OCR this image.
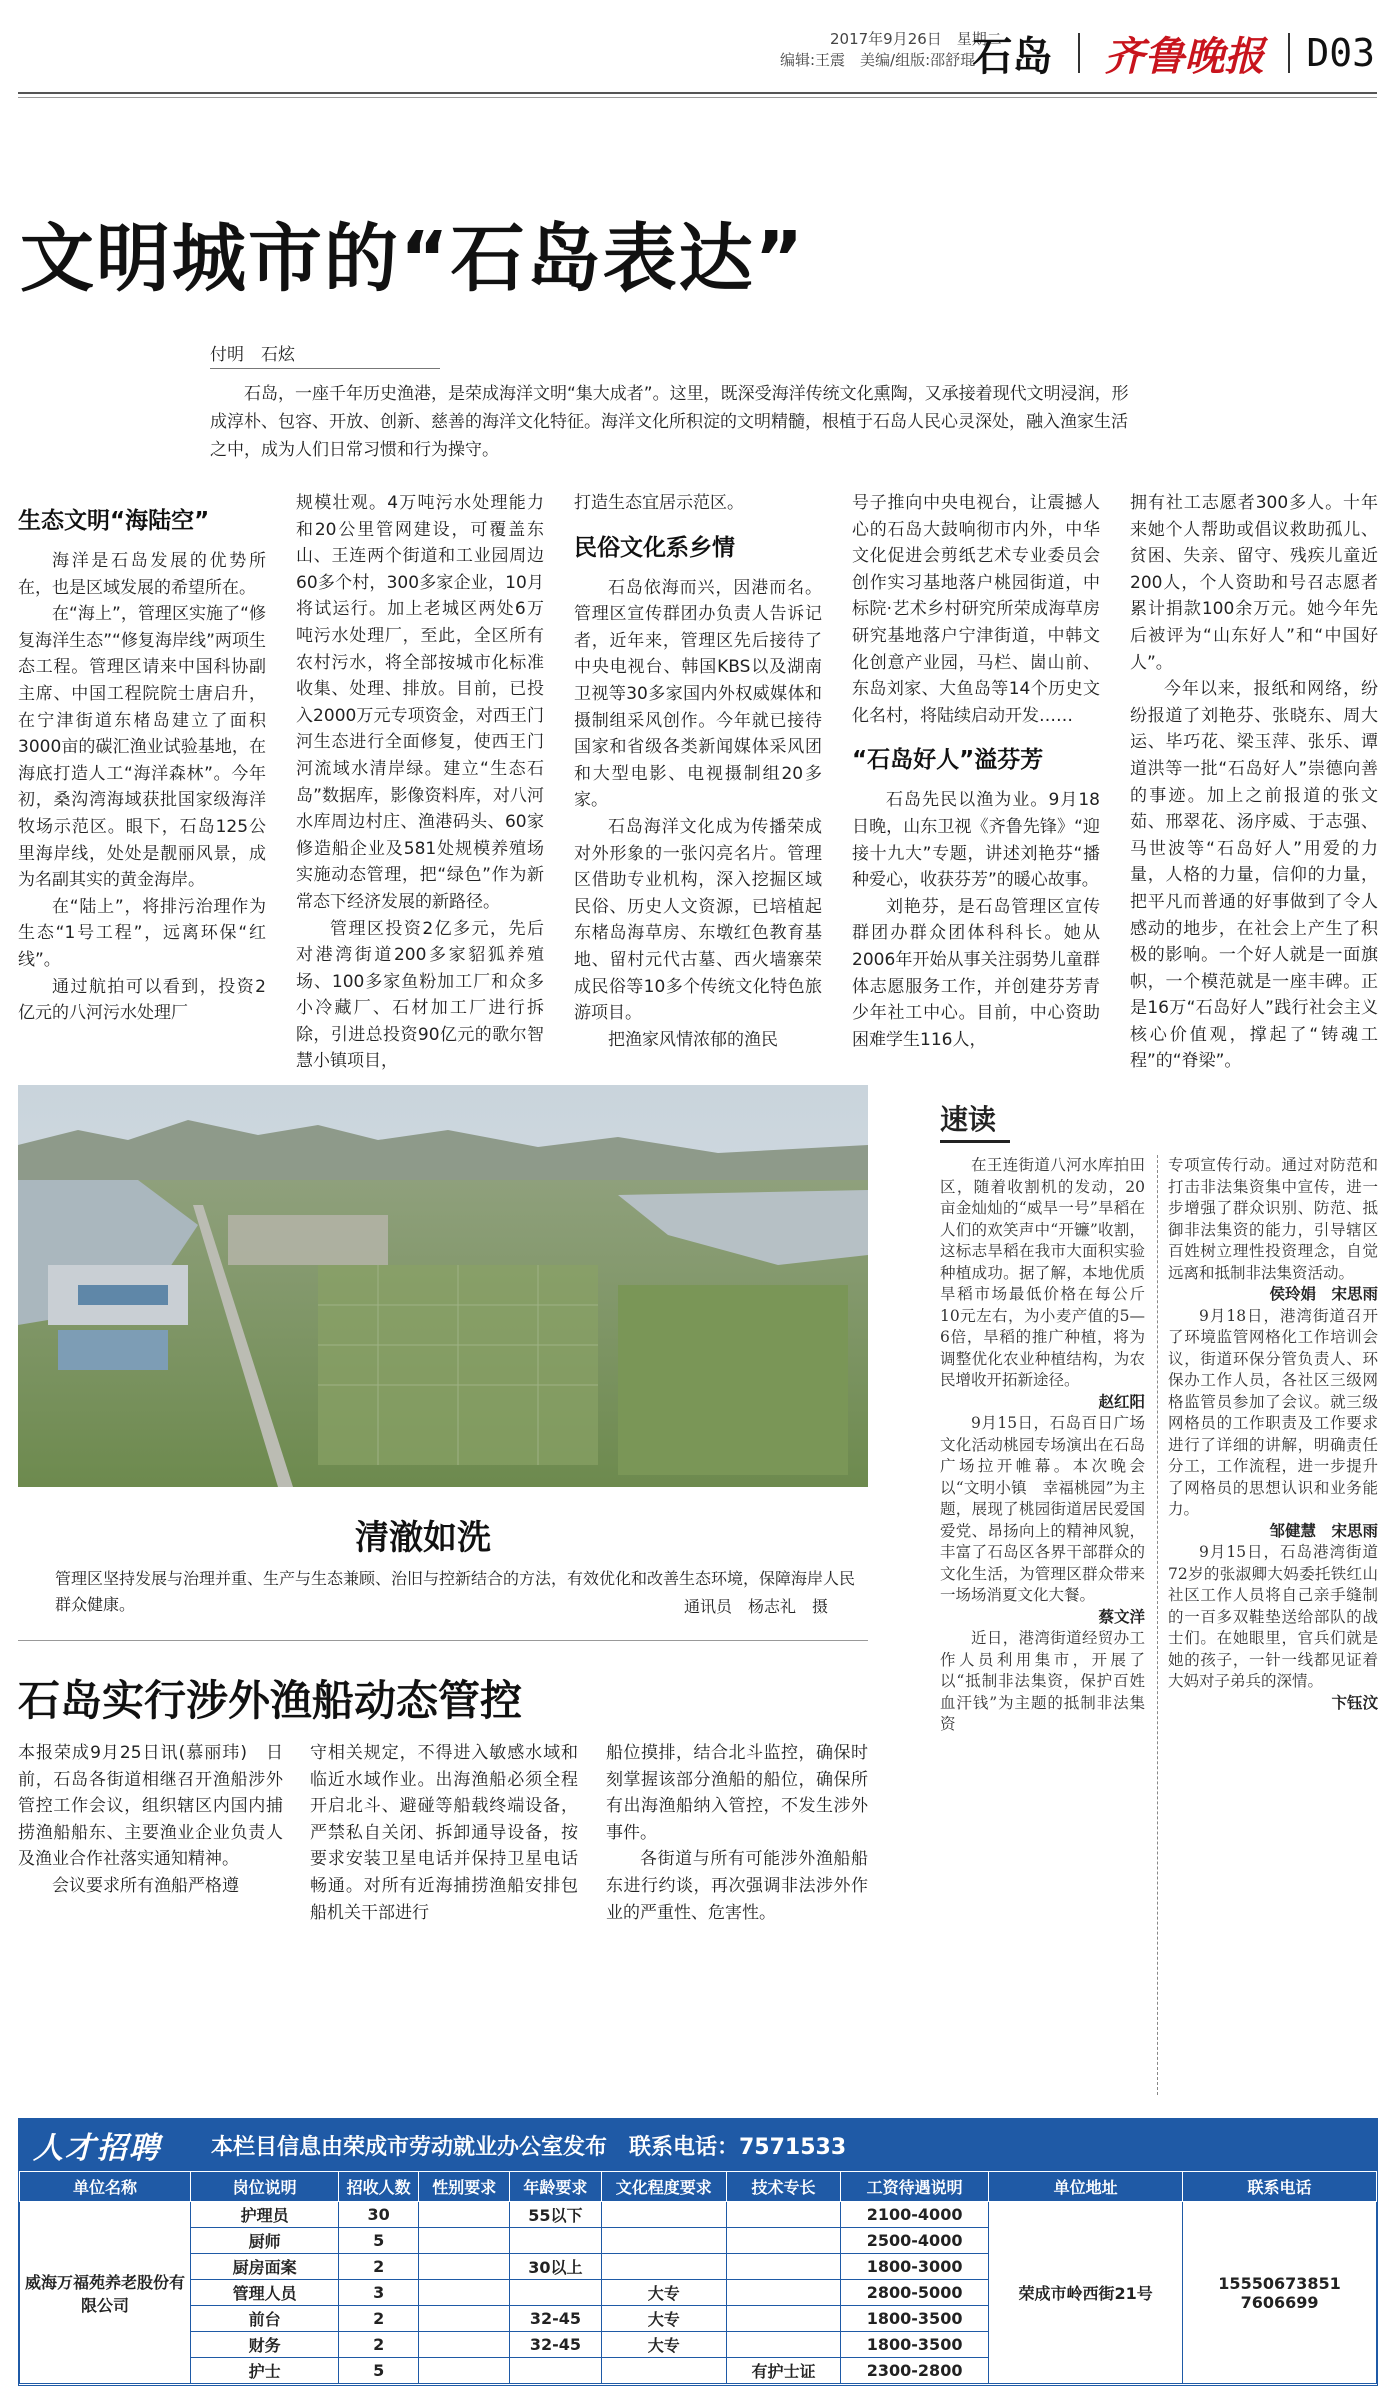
2017年9月26日　星期二
编辑:王震　美编/组版:邵舒琨
石岛	齐鲁晚报	D03
文明城市的“石岛表达”
付明　石炫
石岛，一座千年历史渔港，是荣成海洋文明“集大成者”。这里，既深受海洋传统文化熏陶，又承接着现代文明浸润，形成淳朴、包容、开放、创新、慈善的海洋文化特征。海洋文化所积淀的文明精髓，根植于石岛人民心灵深处，融入渔家生活之中，成为人们日常习惯和行为操守。
生态文明“海陆空”

海洋是石岛发展的优势所在，也是区域发展的希望所在。

在“海上”，管理区实施了“修复海洋生态”“修复海岸线”两项生态工程。管理区请来中国科协副主席、中国工程院院士唐启升，在宁津街道东楮岛建立了面积3000亩的碳汇渔业试验基地，在海底打造人工“海洋森林”。今年初，桑沟湾海域获批国家级海洋牧场示范区。眼下，石岛125公里海岸线，处处是靓丽风景，成为名副其实的黄金海岸。

在“陆上”，将排污治理作为生态“1号工程”，远离环保“红线”。

通过航拍可以看到，投资2亿元的八河污水处理厂

规模壮观。4万吨污水处理能力和20公里管网建设，可覆盖东山、王连两个街道和工业园周边60多个村，300多家企业，10月将试运行。加上老城区两处6万吨污水处理厂，至此，全区所有农村污水，将全部按城市化标准收集、处理、排放。目前，已投入2000万元专项资金，对西王门河生态进行全面修复，使西王门河流域水清岸绿。建立“生态石岛”数据库，影像资料库，对八河水库周边村庄、渔港码头、60家修造船企业及581处规模养殖场实施动态管理，把“绿色”作为新常态下经济发展的新路径。

管理区投资2亿多元，先后对港湾街道200多家貂狐养殖场、100多家鱼粉加工厂和众多小冷藏厂、石材加工厂进行拆除，引进总投资90亿元的歌尔智慧小镇项目，

打造生态宜居示范区。

民俗文化系乡情

石岛依海而兴，因港而名。管理区宣传群团办负责人告诉记者，近年来，管理区先后接待了中央电视台、韩国KBS以及湖南卫视等30多家国内外权威媒体和摄制组采风创作。今年就已接待国家和省级各类新闻媒体采风团和大型电影、电视摄制组20多家。

石岛海洋文化成为传播荣成对外形象的一张闪亮名片。管理区借助专业机构，深入挖掘区域民俗、历史人文资源，已培植起东楮岛海草房、东墩红色教育基地、留村元代古墓、西火墙寨荣成民俗等10多个传统文化特色旅游项目。

把渔家风情浓郁的渔民

号子推向中央电视台，让震撼人心的石岛大鼓响彻市内外，中华文化促进会剪纸艺术专业委员会创作实习基地落户桃园街道，中标院·艺术乡村研究所荣成海草房研究基地落户宁津街道，中韩文化创意产业园，马栏、崮山前、东岛刘家、大鱼岛等14个历史文化名村，将陆续启动开发……

“石岛好人”溢芬芳

石岛先民以渔为业。9月18日晚，山东卫视《齐鲁先锋》“迎接十九大”专题，讲述刘艳芬“播种爱心，收获芬芳”的暖心故事。

刘艳芬，是石岛管理区宣传群团办群众团体科科长。她从2006年开始从事关注弱势儿童群体志愿服务工作，并创建芬芳青少年社工中心。目前，中心资助困难学生116人，

拥有社工志愿者300多人。十年来她个人帮助或倡议救助孤儿、贫困、失亲、留守、残疾儿童近200人，个人资助和号召志愿者累计捐款100余万元。她今年先后被评为“山东好人”和“中国好人”。

今年以来，报纸和网络，纷纷报道了刘艳芬、张晓东、周大运、毕巧花、梁玉萍、张乐、谭道洪等一批“石岛好人”崇德向善的事迹。加上之前报道的张文茹、邢翠花、汤序威、于志强、马世波等“石岛好人”用爱的力量，人格的力量，信仰的力量，把平凡而普通的好事做到了令人感动的地步，在社会上产生了积极的影响。一个好人就是一面旗帜，一个模范就是一座丰碑。正是16万“石岛好人”践行社会主义核心价值观，撑起了“铸魂工程”的“脊梁”。

清澈如洗
管理区坚持发展与治理并重、生产与生态兼顾、治旧与控新结合的方法，有效优化和改善生态环境，保障海岸人民群众健康。	通讯员　杨志礼　摄
石岛实行涉外渔船动态管控

本报荣成9月25日讯(慕丽玮)　日前，石岛各街道相继召开渔船涉外管控工作会议，组织辖区内国内捕捞渔船船东、主要渔业企业负责人及渔业合作社落实通知精神。

会议要求所有渔船严格遵

守相关规定，不得进入敏感水域和临近水域作业。出海渔船必须全程开启北斗、避碰等船载终端设备，严禁私自关闭、拆卸通导设备，按要求安装卫星电话并保持卫星电话畅通。对所有近海捕捞渔船安排包船机关干部进行

船位摸排，结合北斗监控，确保时刻掌握该部分渔船的船位，确保所有出海渔船纳入管控，不发生涉外事件。

各街道与所有可能涉外渔船船东进行约谈，再次强调非法涉外作业的严重性、危害性。

速读

在王连街道八河水库拍田区，随着收割机的发动，20亩金灿灿的“威旱一号”旱稻在人们的欢笑声中“开镰”收割，这标志旱稻在我市大面积实验种植成功。据了解，本地优质旱稻市场最低价格在每公斤10元左右，为小麦产值的5—6倍，旱稻的推广种植，将为调整优化农业种植结构，为农民增收开拓新途径。

赵红阳

9月15日，石岛百日广场文化活动桃园专场演出在石岛广场拉开帷幕。本次晚会以“文明小镇　幸福桃园”为主题，展现了桃园街道居民爱国爱党、昂扬向上的精神风貌，丰富了石岛区各界干部群众的文化生活，为管理区群众带来一场场消夏文化大餐。

蔡文洋

近日，港湾街道经贸办工作人员利用集市，开展了以“抵制非法集资，保护百姓血汗钱”为主题的抵制非法集资

专项宣传行动。通过对防范和打击非法集资集中宣传，进一步增强了群众识别、防范、抵御非法集资的能力，引导辖区百姓树立理性投资理念，自觉远离和抵制非法集资活动。

侯玲娟　宋思雨

9月18日，港湾街道召开了环境监管网格化工作培训会议，街道环保分管负责人、环保办工作人员，各社区三级网格监管员参加了会议。就三级网格员的工作职责及工作要求进行了详细的讲解，明确责任分工，工作流程，进一步提升了网格员的思想认识和业务能力。

邹健慧　宋思雨

9月15日，石岛港湾街道72岁的张淑卿大妈委托铁红山社区工作人员将自己亲手缝制的一百多双鞋垫送给部队的战士们。在她眼里，官兵们就是她的孩子，一针一线都见证着大妈对子弟兵的深情。

卞钰汶
人才招聘 本栏目信息由荣成市劳动就业办公室发布　联系电话：7571533
单位名称	岗位说明	招收人数	性别要求	年龄要求	文化程度要求	技术专长	工资待遇说明	单位地址	联系电话
威海万福苑养老股份有限公司	护理员	30		55以下			2100-4000	荣成市岭西街21号	15550673851
7606699
	厨师	5					2500-4000		
	厨房面案	2		30以上			1800-3000		
	管理人员	3			大专		2800-5000		
	前台	2		32-45	大专		1800-3500		
	财务	2		32-45	大专		1800-3500		
	护士	5				有护士证	2300-2800		
